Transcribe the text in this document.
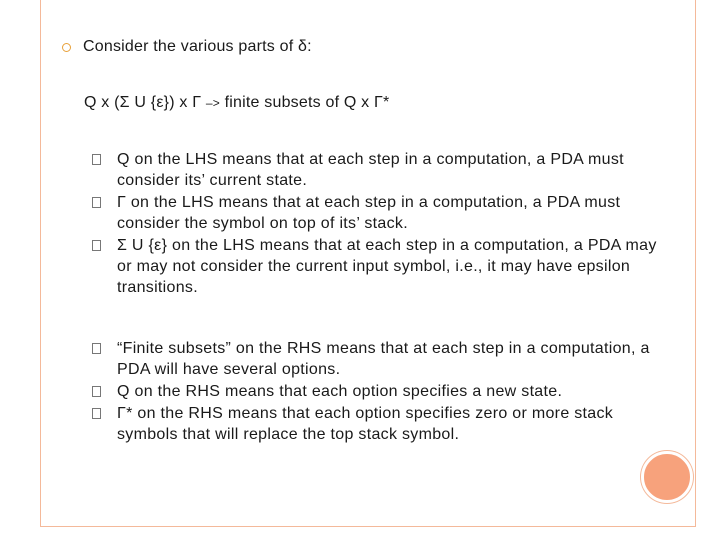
Consider the various parts of δ:
Q x (Σ U {ε}) x Γ –> finite subsets of Q x Γ*
Q on the LHS means that at each step in a computation, a PDA must consider its’ current state.
Γ on the LHS means that at each step in a computation, a PDA must consider the symbol on top of its’ stack.
Σ U {ε} on the LHS means that at each step in a computation, a PDA may or may not consider the current input symbol, i.e., it may have epsilon transitions.
“Finite subsets” on the RHS means that at each step in a computation, a PDA will have several options.
Q on the RHS means that each option specifies a new state.
Γ* on the RHS means that each option specifies zero or more stack symbols that will replace the top stack symbol.
